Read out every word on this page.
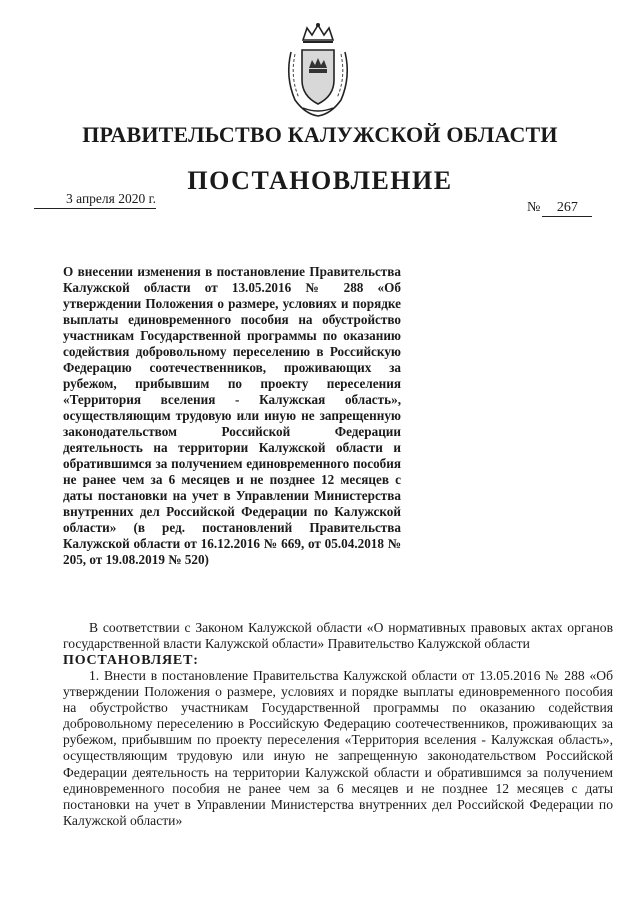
ПРАВИТЕЛЬСТВО КАЛУЖСКОЙ ОБЛАСТИ
ПОСТАНОВЛЕНИЕ
3 апреля 2020 г.
№ 267
О внесении изменения в постановление Правительства Калужской области от 13.05.2016 № 288 «Об утверждении Положения о размере, условиях и порядке выплаты единовременного пособия на обустройство участникам Государственной программы по оказанию содействия добровольному переселению в Российскую Федерацию соотечественников, проживающих за рубежом, прибывшим по проекту переселения «Территория вселения - Калужская область», осуществляющим трудовую или иную не запрещенную законодательством Российской Федерации деятельность на территории Калужской области и обратившимся за получением единовременного пособия не ранее чем за 6 месяцев и не позднее 12 месяцев с даты постановки на учет в Управлении Министерства внутренних дел Российской Федерации по Калужской области» (в ред. постановлений Правительства Калужской области от 16.12.2016 № 669, от 05.04.2018 № 205, от 19.08.2019 № 520)
В соответствии с Законом Калужской области «О нормативных правовых актах органов государственной власти Калужской области» Правительство Калужской области
ПОСТАНОВЛЯЕТ:
1. Внести в постановление Правительства Калужской области от 13.05.2016 № 288 «Об утверждении Положения о размере, условиях и порядке выплаты единовременного пособия на обустройство участникам Государственной программы по оказанию содействия добровольному переселению в Российскую Федерацию соотечественников, проживающих за рубежом, прибывшим по проекту переселения «Территория вселения - Калужская область», осуществляющим трудовую или иную не запрещенную законодательством Российской Федерации деятельность на территории Калужской области и обратившимся за получением единовременного пособия не ранее чем за 6 месяцев и не позднее 12 месяцев с даты постановки на учет в Управлении Министерства внутренних дел Российской Федерации по Калужской области»
